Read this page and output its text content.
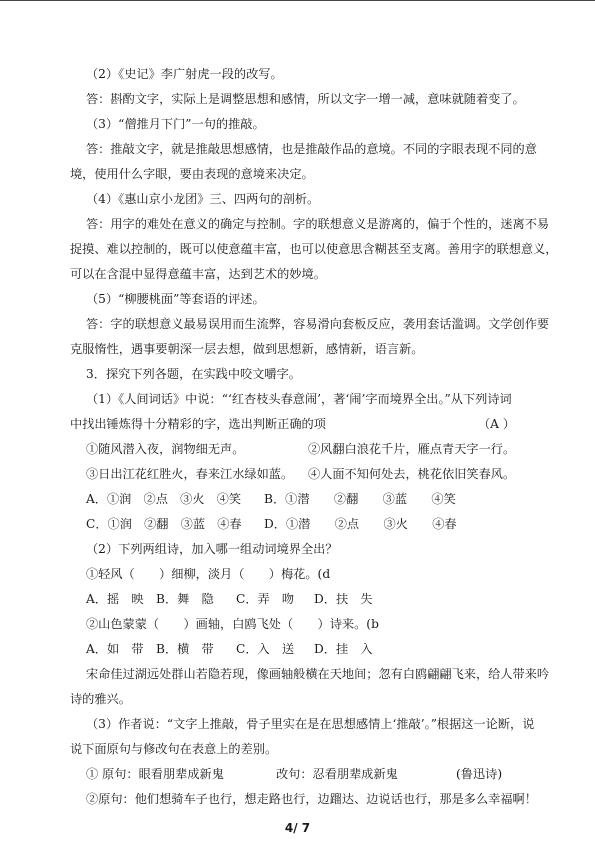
（2）《史记》李广射虎一段的改写。
答：斟酌文字，实际上是调整思想和感情，所以文字一增一减，意味就随着变了。
（3）“僧推月下门”一句的推敲。
答：推敲文字，就是推敲思想感情，也是推敲作品的意境。不同的字眼表现不同的意
境，使用什么字眼，要由表现的意境来决定。
（4）《惠山京小龙团》三、四两句的剖析。
答：用字的难处在意义的确定与控制。字的联想意义是游离的，偏于个性的，迷离不易
捉摸、难以控制的，既可以使意蕴丰富，也可以使意思含糊甚至支离。善用字的联想意义，
可以在含混中显得意蕴丰富，达到艺术的妙境。
（5）“柳腰桃面”等套语的评述。
答：字的联想意义最易误用而生流弊，容易滑向套板反应，袭用套话滥调。文学创作要
克服惰性，遇事要朝深一层去想，做到思想新，感情新，语言新。
3．探究下列各题，在实践中咬文嚼字。
（1）《人间词话》中说：“‘红杏枝头春意闹’，著‘闹’字而境界全出。”从下列诗词
中找出锤炼得十分精彩的字，选出判断正确的项	（A ）
①随风潜入夜，润物细无声。	②风翻白浪花千片，雁点青天字一行。
③日出江花红胜火，春来江水绿如蓝。 ④人面不知何处去，桃花依旧笑春风。
A．①润　②点　③火　④笑 B．①潜　　②翻　　③蓝　　④笑
C．①润　②翻　③蓝　④春 D．①潜　　②点　　③火　　④春
（2）下列两组诗，加入哪一组动词境界全出？
①轻风（　　）细柳，淡月（　　）梅花。(d
A．摇　映 B．舞　隐 C．弄　吻 D．扶　失
②山色蒙蒙（　　）画轴，白鸥飞处（　　）诗来。(b
A．如　带 B．横　带 C．入　送 D．挂　入
宋命佳过湖远处群山若隐若现，像画轴般横在天地间；忽有白鸥翩翩飞来，给人带来吟
诗的雅兴。
（3）作者说：“文字上推敲，骨子里实在是在思想感情上‘推敲’。”根据这一论断，说
说下面原句与修改句在表意上的差别。
① 原句：眼看朋辈成新鬼	改句：忍看朋辈成新鬼	(鲁迅诗)
②原句：他们想骑车子也行，想走路也行，边蹓达、边说话也行，那是多么幸福啊！
4/ 7
